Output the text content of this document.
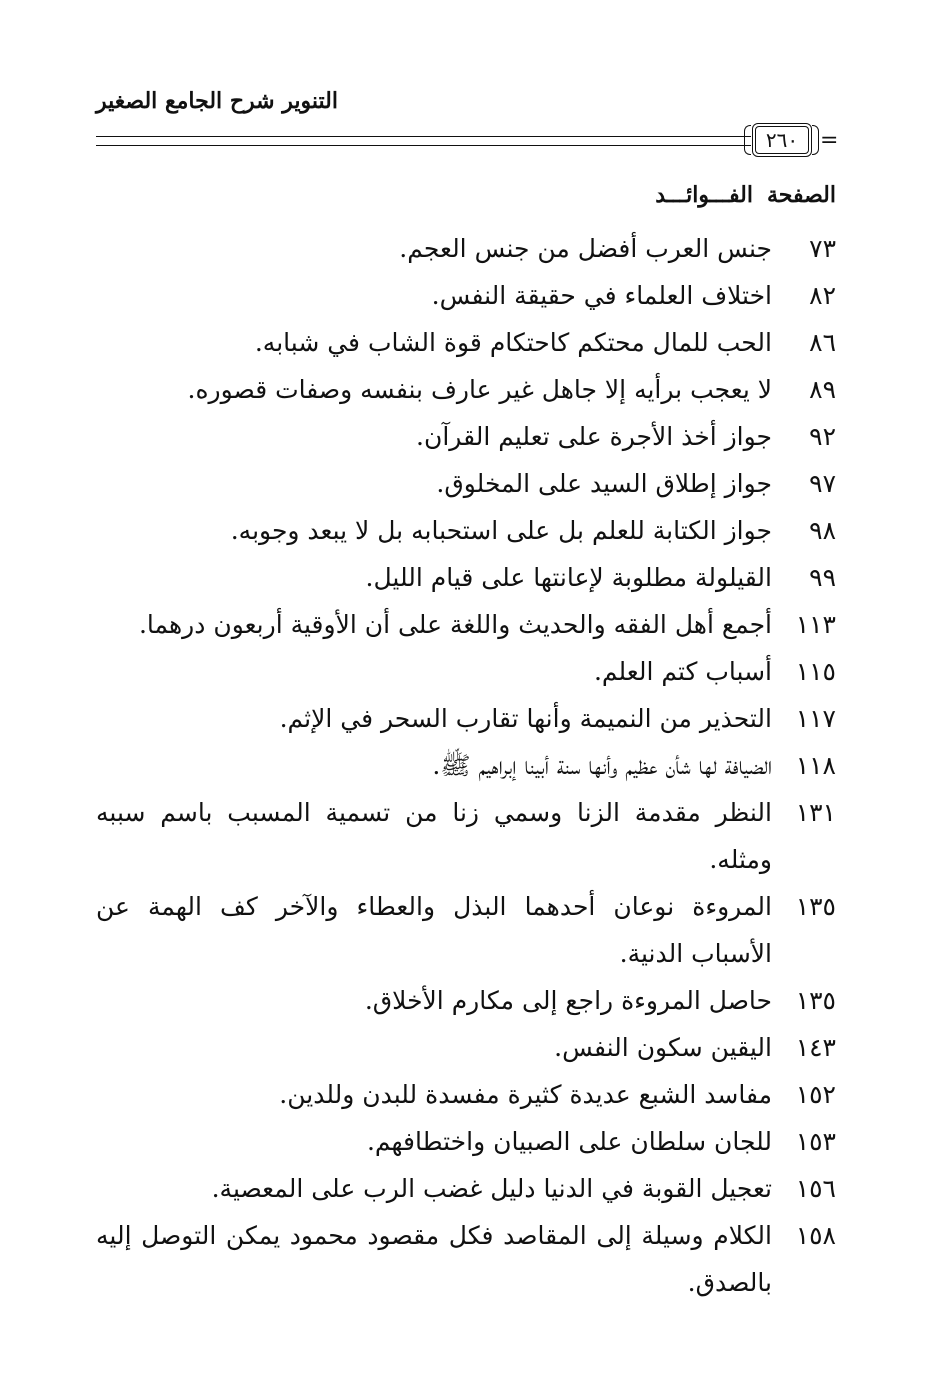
التنوير شرح الجامع الصغير
٢٦٠ =
الصفحة
الفـــوائـــد
٧٣
جنس العرب أفضل من جنس العجم.
٨٢
اختلاف العلماء في حقيقة النفس.
٨٦
الحب للمال محتكم كاحتكام قوة الشاب في شبابه.
٨٩
لا يعجب برأيه إلا جاهل غير عارف بنفسه وصفات قصوره.
٩٢
جواز أخذ الأجرة على تعليم القرآن.
٩٧
جواز إطلاق السيد على المخلوق.
٩٨
جواز الكتابة للعلم بل على استحبابه بل لا يبعد وجوبه.
٩٩
القيلولة مطلوبة لإعانتها على قيام الليل.
١١٣
أجمع أهل الفقه والحديث واللغة على أن الأوقية أربعون درهما.
١١٥
أسباب كتم العلم.
١١٧
التحذير من النميمة وأنها تقارب السحر في الإثم.
١١٨
الضيافة لها شأن عظيم وأنها سنة أبينا إبراهيم ﷺ.
١٣١
النظر مقدمة الزنا وسمي زنا من تسمية المسبب باسم سببه ومثله.
١٣٥
المروءة نوعان أحدهما البذل والعطاء والآخر كف الهمة عن الأسباب الدنية.
١٣٥
حاصل المروءة راجع إلى مكارم الأخلاق.
١٤٣
اليقين سكون النفس.
١٥٢
مفاسد الشبع عديدة كثيرة مفسدة للبدن وللدين.
١٥٣
للجان سلطان على الصبيان واختطافهم.
١٥٦
تعجيل القوبة في الدنيا دليل غضب الرب على المعصية.
١٥٨
الكلام وسيلة إلى المقاصد فكل مقصود محمود يمكن التوصل إليه بالصدق.
